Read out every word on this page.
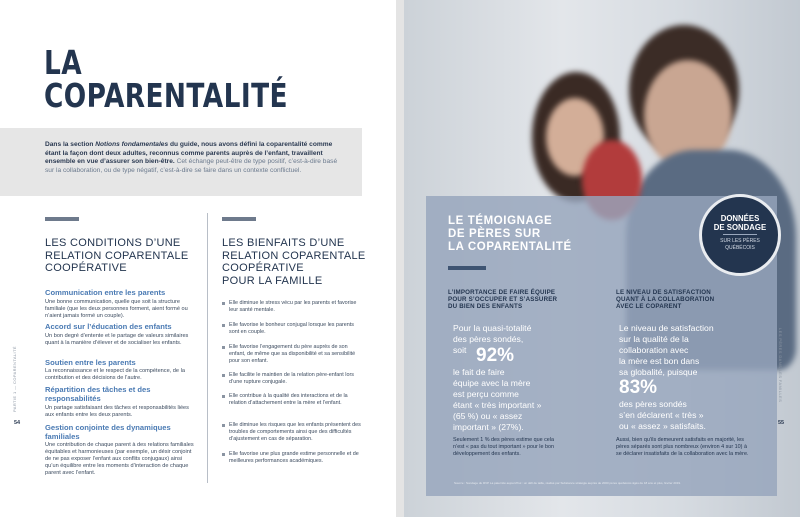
LA
COPARENTALITÉ

Dans la section Notions fondamentales du guide, nous avons défini la coparentalité comme étant la façon dont deux adultes, reconnus comme parents auprès de l’enfant, travaillent ensemble en vue d’assurer son bien-être. Cet échange peut-être de type positif, c’est-à-dire basé sur la collaboration, ou de type négatif, c’est-à-dire se faire dans un contexte conflictuel.

LES CONDITIONS D’UNE
RELATION COPARENTALE
COOPÉRATIVE

Communication entre les parents

Une bonne communication, quelle que soit la structure familiale (que les deux personnes forment, aient formé ou n’aient jamais formé un couple).

Accord sur l’éducation des enfants

Un bon degré d’entente et le partage de valeurs similaires quant à la manière d’élever et de socialiser les enfants.

Soutien entre les parents

La reconnaissance et le respect de la compétence, de la contribution et des décisions de l’autre.

Répartition des tâches et des responsabilités

Un partage satisfaisant des tâches et responsabilités liées aux enfants entre les deux parents.

Gestion conjointe des dynamiques familiales

Une contribution de chaque parent à des relations familiales équitables et harmonieuses (par exemple, un désir conjoint de ne pas exposer l’enfant aux conflits conjugaux) ainsi qu’un équilibre entre les moments d’interaction de chaque parent avec l’enfant.

LES BIENFAITS D’UNE
RELATION COPARENTALE
COOPÉRATIVE
POUR LA FAMILLE

Elle diminue le stress vécu par les parents et favorise leur santé mentale.

Elle favorise le bonheur conjugal lorsque les parents sont en couple.

Elle favorise l’engagement du père auprès de son enfant, de même que sa disponibilité et sa sensibilité pour son enfant.

Elle facilite le maintien de la relation père-enfant lors d’une rupture conjugale.

Elle contribue à la qualité des interactions et de la relation d’attachement entre la mère et l’enfant.

Elle diminue les risques que les enfants présentent des troubles de comportements ainsi que des difficultés d’ajustement en cas de séparation.

Elle favorise une plus grande estime personnelle et de meilleures performances académiques.

PARTIE 1 — COPARENTALITÉ
54
LE TÉMOIGNAGE
DE PÈRES SUR
LA COPARENTALITÉ

DONNÉES
DE SONDAGE

SUR LES PÈRES
QUÉBÉCOIS

L’IMPORTANCE DE FAIRE ÉQUIPE
POUR S’OCCUPER ET S’ASSURER
DU BIEN DES ENFANTS

Pour la quasi-totalité
des pères sondés,
soit 92%

le fait de faire
équipe avec la mère
est perçu comme
étant « très important »
(65 %) ou « assez
important » (27%).

Seulement 1 % des pères estime que cela
n’est « pas du tout important » pour le bon
développement des enfants.

LE NIVEAU DE SATISFACTION
QUANT À LA COLLABORATION
AVEC LE COPARENT

Le niveau de satisfaction
sur la qualité de la
collaboration avec
la mère est bon dans
sa globalité, puisque

83%

des pères sondés
s’en déclarent « très »
ou « assez » satisfaits.

Aussi, bien qu’ils demeurent satisfaits en majorité, les
pères séparés sont plus nombreux (environ 4 sur 10) à
se déclarer insatisfaits de la collaboration avec la mère.

Source : Sondage du RVP La paternité aujourd’hui : un défi de taille, réalisé par Substance stratégie auprès de 2000 pères québécois âgés de 18 ans et plus, février 2019.

LES PÈRES DANS LES FAMILLES
55
